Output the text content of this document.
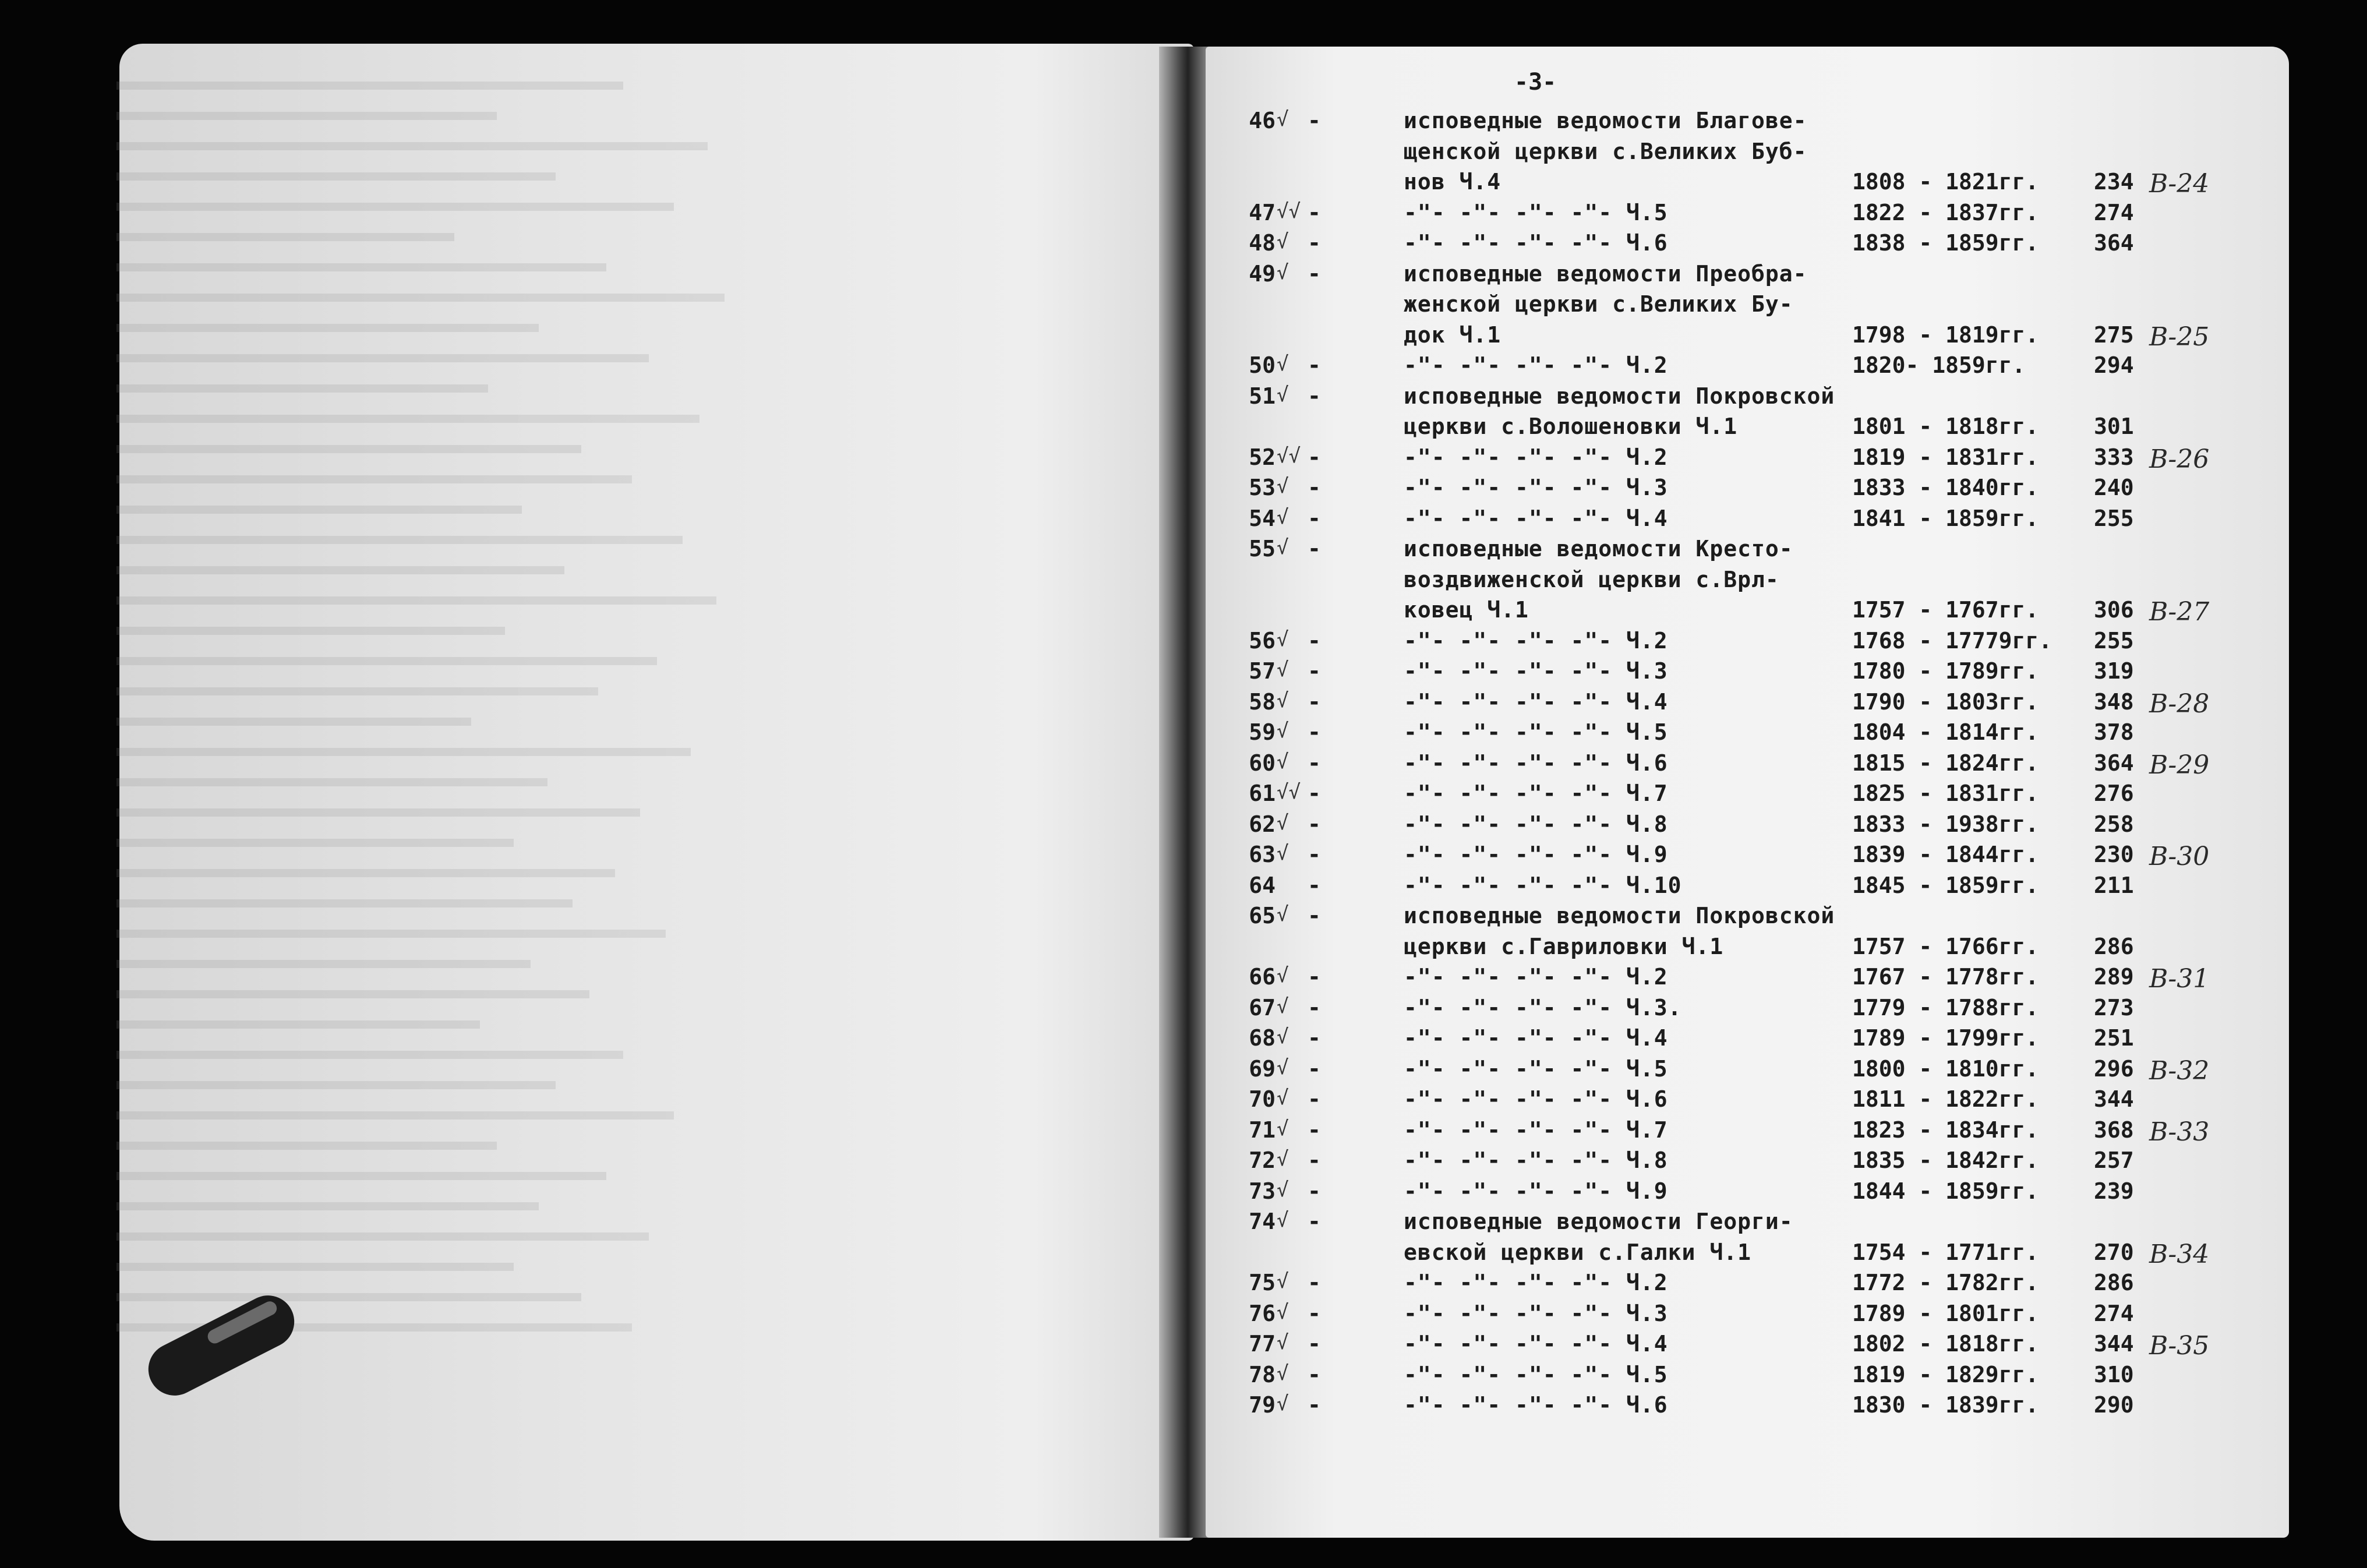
-3-
46 √ -	исповедные ведомости Благове-
щенской церкви с.Великих Буб-
нов Ч.4	1808 - 1821гг. 234 В-24
47 √√ -	-"- -"- -"- -"- Ч.5	1822 - 1837гг. 274
48 √ -	-"- -"- -"- -"- Ч.6	1838 - 1859гг. 364
49 √ -	исповедные ведомости Преобра-
женской церкви с.Великих Бу-
док Ч.1	1798 - 1819гг. 275 В-25
50 √ -	-"- -"- -"- -"- Ч.2	1820- 1859гг.	294
51 √ -	исповедные ведомости Покровской
церкви с.Волошеновки Ч.1	1801 - 1818гг. 301
52 √√ -	-"- -"- -"- -"- Ч.2	1819 - 1831гг. 333 В-26
53 √ -	-"- -"- -"- -"- Ч.3	1833 - 1840гг. 240
54 √ -	-"- -"- -"- -"- Ч.4	1841 - 1859гг. 255
55 √ -	исповедные ведомости Кресто-
воздвиженской церкви с.Врл-
ковец Ч.1	1757 - 1767гг. 306 В-27
56 √ -	-"- -"- -"- -"- Ч.2	1768 - 17779гг. 255
57 √ -	-"- -"- -"- -"- Ч.3	1780 - 1789гг. 319
58 √ -	-"- -"- -"- -"- Ч.4	1790 - 1803гг. 348 В-28
59 √ -	-"- -"- -"- -"- Ч.5	1804 - 1814гг. 378
60 √ -	-"- -"- -"- -"- Ч.6	1815 - 1824гг. 364 В-29
61 √√ -	-"- -"- -"- -"- Ч.7	1825 - 1831гг. 276
62 √ -	-"- -"- -"- -"- Ч.8	1833 - 1938гг. 258
63 √ -	-"- -"- -"- -"- Ч.9	1839 - 1844гг. 230 В-30
64 -	-"- -"- -"- -"- Ч.10	1845 - 1859гг. 211
65 √ -	исповедные ведомости Покровской
церкви с.Гавриловки Ч.1	1757 - 1766гг. 286
66 √ -	-"- -"- -"- -"- Ч.2	1767 - 1778гг. 289 В-31
67 √ -	-"- -"- -"- -"- Ч.3.	1779 - 1788гг. 273
68 √ -	-"- -"- -"- -"- Ч.4	1789 - 1799гг. 251
69 √ -	-"- -"- -"- -"- Ч.5	1800 - 1810гг. 296 В-32
70 √ -	-"- -"- -"- -"- Ч.6	1811 - 1822гг. 344
71 √ -	-"- -"- -"- -"- Ч.7	1823 - 1834гг. 368 В-33
72 √ -	-"- -"- -"- -"- Ч.8	1835 - 1842гг. 257
73 √ -	-"- -"- -"- -"- Ч.9	1844 - 1859гг. 239
74 √ -	исповедные ведомости Георги-
евской церкви с.Галки Ч.1	1754 - 1771гг. 270 В-34
75 √ -	-"- -"- -"- -"- Ч.2	1772 - 1782гг. 286
76 √ -	-"- -"- -"- -"- Ч.3	1789 - 1801гг. 274
77 √ -	-"- -"- -"- -"- Ч.4	1802 - 1818гг. 344 В-35
78 √ -	-"- -"- -"- -"- Ч.5	1819 - 1829гг. 310
79 √ -	-"- -"- -"- -"- Ч.6	1830 - 1839гг. 290
